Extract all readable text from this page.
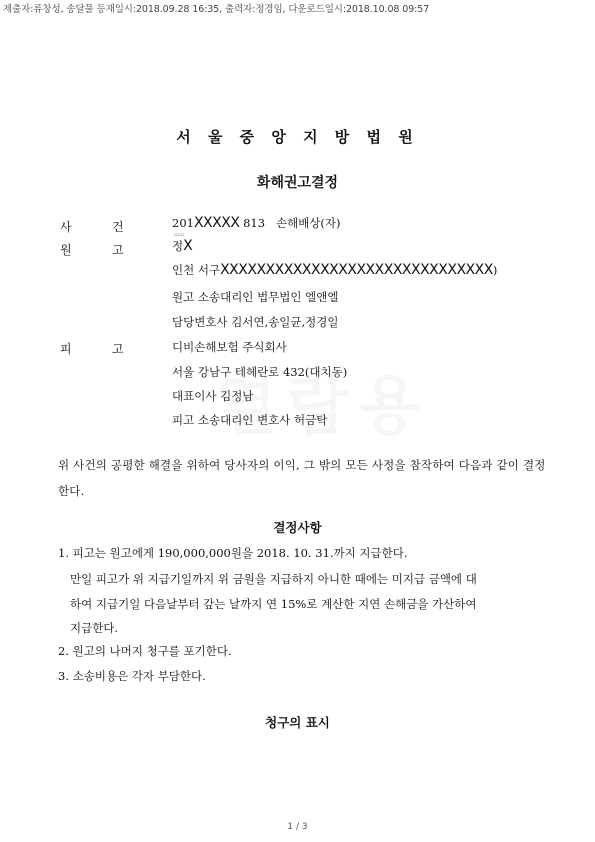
제출자:류창성, 송달물 등재일시:2018.09.28 16:35, 출력자:정경임, 다운로드일시:2018.10.08 09:57
서 울 중 앙 지 방 법 원
화해권고결정
사	건	201XXXXX 813 손해배상(자)
▫▫▫
원	고	정X
인천 서구XXXXXXXXXXXXXXXXXXXXXXXXXXXXXX)
원고 소송대리인 법무법인 엘앤엘
담당변호사 김서연,송일균,정경일
피	고	디비손해보험 주식회사
서울 강남구 테헤란로 432(대치동)
대표이사 김정남
피고 소송대리인 변호사 허금탁
위 사건의 공평한 해결을 위하여 당사자의 이익, 그 밖의 모든 사정을 참작하여 다음과 같이 결정한다.
결정사항
1. 피고는 원고에게 190,000,000원을 2018. 10. 31.까지 지급한다.
만일 피고가 위 지급기일까지 위 금원을 지급하지 아니한 때에는 미지급 금액에 대
하여 지급기일 다음날부터 갚는 날까지 연 15%로 계산한 지연 손해금을 가산하여
지급한다.
2. 원고의 나머지 청구를 포기한다.
3. 소송비용은 각자 부담한다.
청구의 표시
1 / 3
